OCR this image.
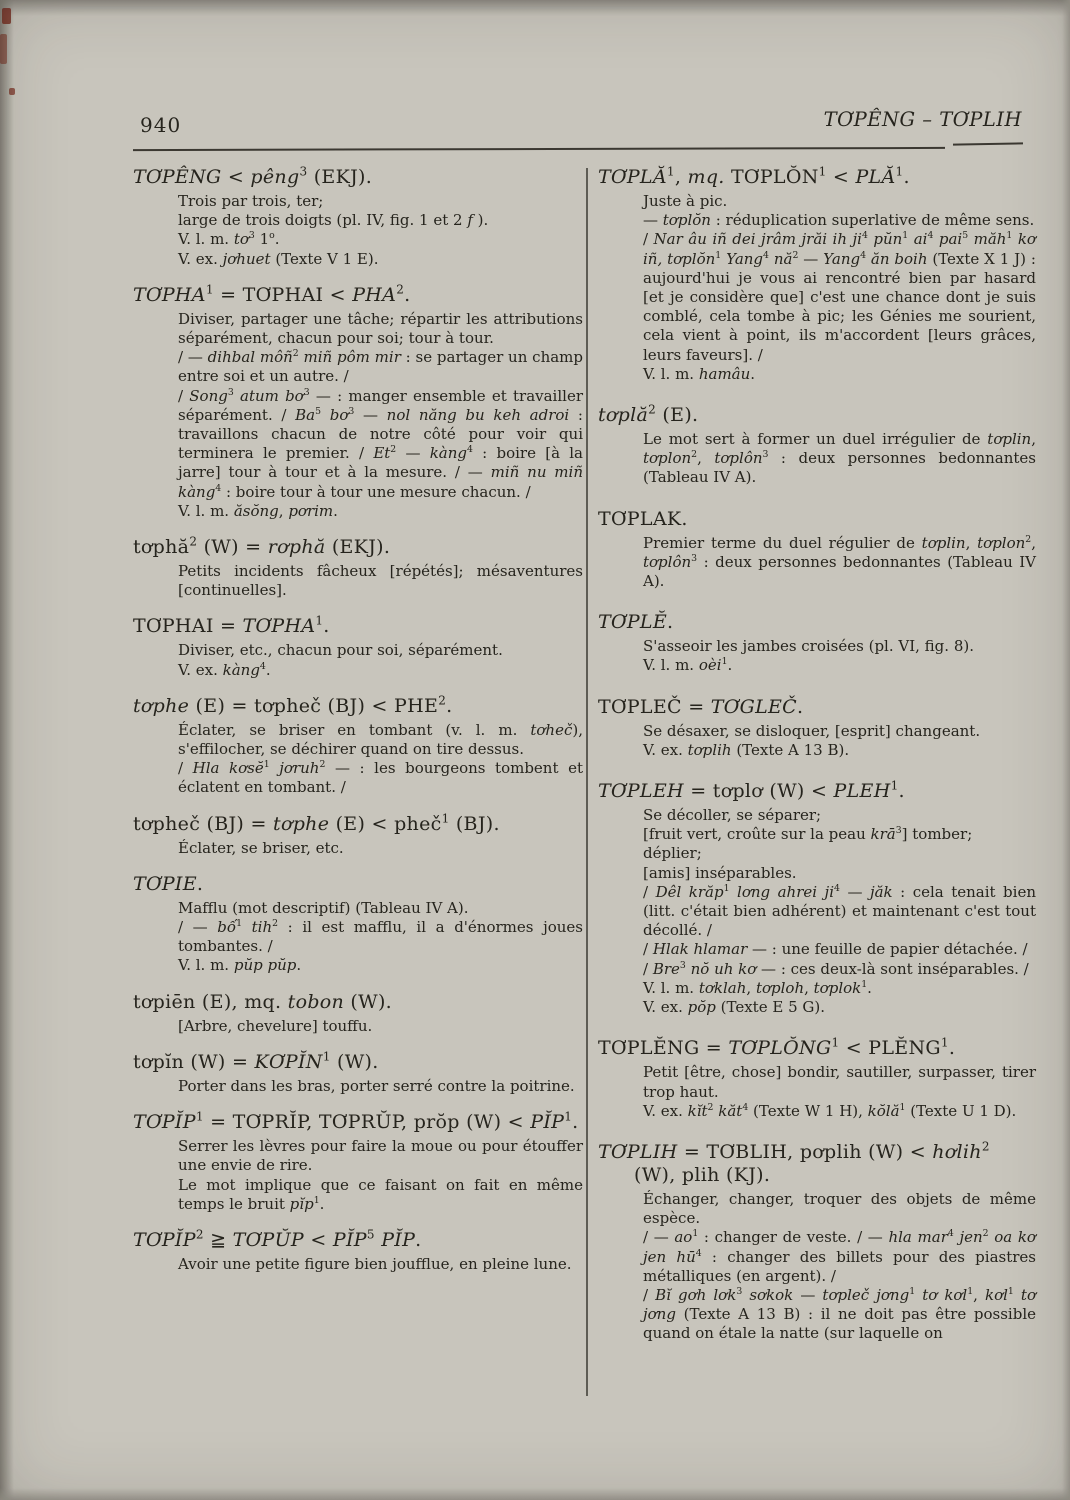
940	TƠPÊNG – TƠPLIH
TƠPÊNG < pêng$^3$ (EKJ).

Trois par trois, ter;

large de trois doigts (pl. IV, fig. 1 et 2 f ).

V. l. m. $tơ^3$ 1$^o$.

V. ex. jơhuet (Texte V 1 E).

$TƠPHA^1$ = TƠPHAI < $PHA^2$.

Diviser, partager une tâche; répartir les attributions séparément, chacun pour soi; tour à tour.

/ — dihbal môñ$^2$ miñ pôm mir : se partager un champ entre soi et un autre. /

/ Song$^3$ atum $bơ^3$ — : manger ensemble et travailler séparément. / Ba$^5$ $bơ^3$ — nol năng bu keh adroi : travaillons chacun de notre côté pour voir qui terminera le premier. / Et$^2$ — kàng$^4$ : boire [à la jarre] tour à tour et à la mesure. / — miñ nu miñ kàng$^4$ : boire tour à tour une mesure chacun. /

V. l. m. ăsŏng, pơrim.

tơphă$^2$ (W) = rơphă (EKJ).

Petits incidents fâcheux [répétés]; mésaventures [continuelles].

TƠPHAI = $TƠPHA^1$.

Diviser, etc., chacun pour soi, séparément.

V. ex. kàng$^4$.

tơphe (E) = tơpheč $(BJ) < PHE^2$.

Éclater, se briser en tombant (v. l. m. tơheč), s'effilocher, se déchirer quand on tire dessus.

/ Hla kơsĕ$^1$ jơruh$^2$ — : les bourgeons tombent et éclatent en tombant. /

tơpheč (BJ) = tơphe (E) < pheč$^1$ (BJ).

Éclater, se briser, etc.

TƠPIE.

Mafflu (mot descriptif) (Tableau IV A).

/ — bố$^1$ tih$^2$ : il est mafflu, il a d'énormes joues tombantes. /

V. l. m. pŭp pŭp.

tơpiēn (E), mq. tobon (W).

[Arbre, chevelure] touffu.

tơpĭn $(W) = KƠPĬN^1$ (W).

Porter dans les bras, porter serré contre la poitrine.

$TƠPĬP^1$ = TƠPRĬP, TƠPRŬP, prŏp $(W) < PĬP^1$.

Serrer les lèvres pour faire la moue ou pour étouffer une envie de rire.

Le mot implique que ce faisant on fait en même temps le bruit pĭp$^1$.

TƠPĬP$^2$ ≧ TƠPŬP < $PĬP^5$ PĬP.

Avoir une petite figure bien joufflue, en pleine lune.

TƠPLĂ$^1$, mq. $TƠPLŎN^1$ < $PLĂ^1$.

Juste à pic.

— tơplŏn : réduplication superlative de même sens.

/ Nar âu iñ dei jrâm jrăi ih $ji^4$ pŭn$^1$ $ai^4$ pai$^5$ măh$^1$ kơ iñ, tơplŏn$^1$ Yang$^4$ $nă^2$ — Yang$^4$ ăn boih (Texte X 1 J) : aujourd'hui je vous ai rencontré bien par hasard [et je considère que] c'est une chance dont je suis comblé, cela tombe à pic; les Génies me sourient, cela vient à point, ils m'accordent [leurs grâces, leurs faveurs]. /

V. l. m. hamâu.

tơplă$^2$ (E).

Le mot sert à former un duel irrégulier de tơplin, tơplon$^2$, tơplôn$^3$ : deux personnes bedonnantes (Tableau IV A).

TƠPLAK.

Premier terme du duel régulier de tơplin, tơplon$^2$, tơplôn$^3$ : deux personnes bedonnantes (Tableau IV A).

TƠPLĔ.

S'asseoir les jambes croisées (pl. VI, fig. 8).

V. l. m. oèi$^1$.

TƠPLEČ = TƠGLEČ.

Se désaxer, se disloquer, [esprit] changeant.

V. ex. tơplih (Texte A 13 B).

TƠPLEH = tơplơ $(W) < PLEH^1$.

Se décoller, se séparer;

[fruit vert, croûte sur la peau krā$^3$] tomber;

déplier;

[amis] inséparables.

/ Dêl krăp$^1$ lơng ahrei $ji^4$ — jăk : cela tenait bien (litt. c'était bien adhérent) et maintenant c'est tout décollé. /

/ Hlak hlamar — : une feuille de papier détachée. /

/ Bre$^3$ nŏ uh kơ — : ces deux-là sont inséparables. /

V. l. m. tơklah, tơploh, tơplok$^1$.

V. ex. pŏp (Texte E 5 G).

TƠPLĔNG = $TƠPLŎNG^1$ < $PLĔNG^1$.

Petit [être, chose] bondir, sautiller, surpasser, tirer trop haut.

V. ex. kĭt$^2$ kăt$^4$ (Texte W 1 H), kŏlă$^1$ (Texte U 1 D).

TƠPLIH = TƠBLIH, pơplih (W) < hơlih$^2$ (W), plih (KJ).

Échanger, changer, troquer des objets de même espèce.

/ — $ao^1$ : changer de veste. / — hla mar$^4$ jen$^2$ oa kơ jen $hū^4$ : changer des billets pour des piastres métalliques (en argent). /

/ Bĭ gơh lơk$^3$ sơkok — tơpleč jơng$^1$ tơ kơl$^1$, kơl$^1$ tơ jơng (Texte A 13 B) : il ne doit pas être possible quand on étale la natte (sur laquelle on
